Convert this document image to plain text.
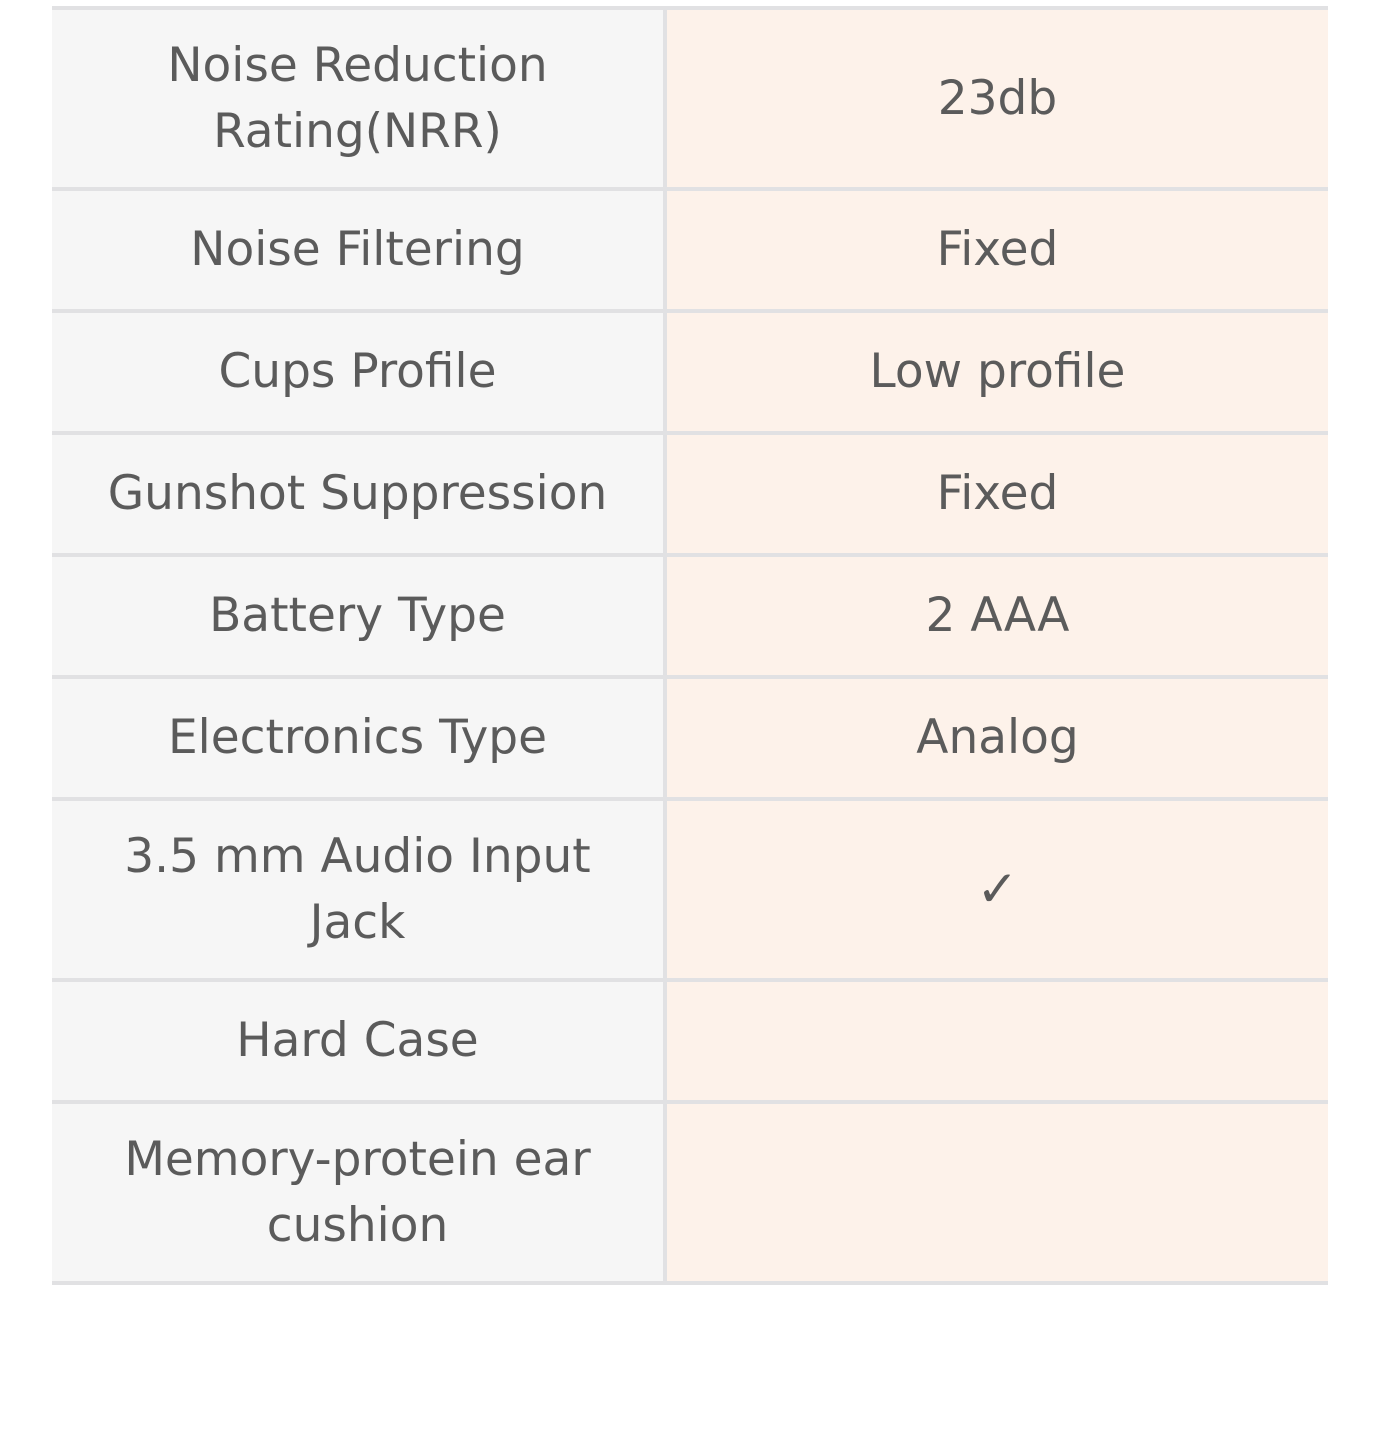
Noise Reduction Rating(NRR)	23db
Noise Filtering	Fixed
Cups Profile	Low profile
Gunshot Suppression	Fixed
Battery Type	2 AAA
Electronics Type	Analog
3.5 mm Audio Input Jack	✓
Hard Case	
Memory-protein ear cushion	
